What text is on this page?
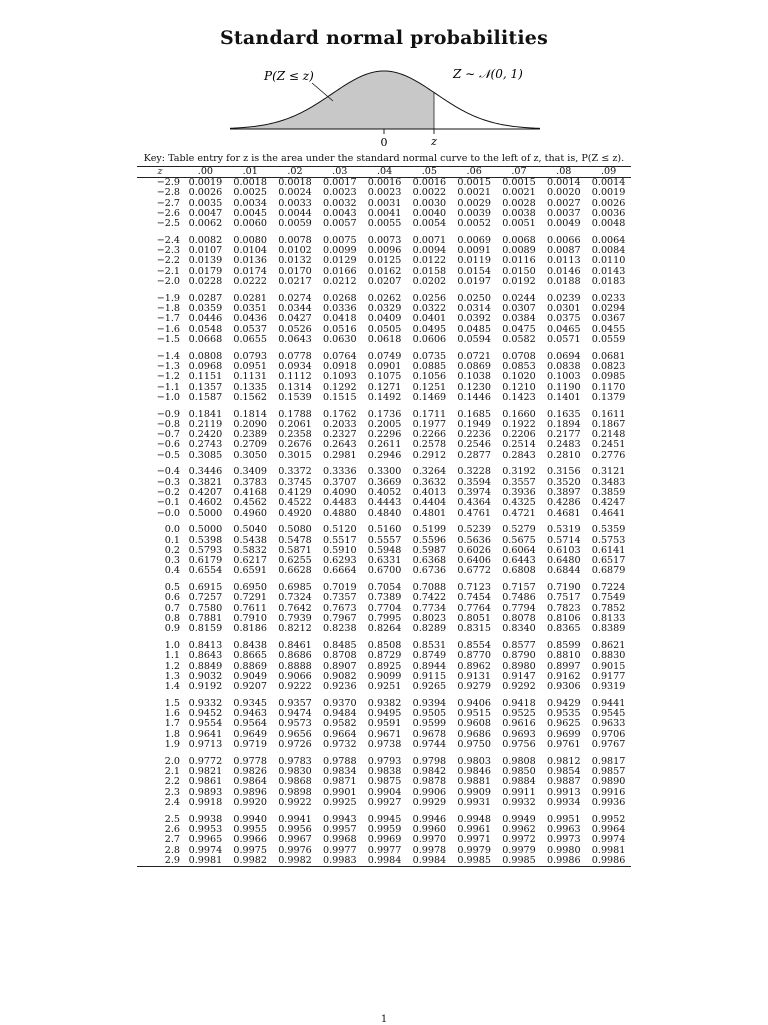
Standard normal probabilities
P(Z ≤ z)	Z ∼ 𝒩(0, 1)
0	z
Key: Table entry for z is the area under the standard normal curve to the left of z, that is, P(Z ≤ z).
z	.00	.01	.02	.03	.04	.05	.06	.07	.08	.09
−2.9	0.0019	0.0018	0.0018	0.0017	0.0016	0.0016	0.0015	0.0015	0.0014	0.0014
−2.8	0.0026	0.0025	0.0024	0.0023	0.0023	0.0022	0.0021	0.0021	0.0020	0.0019
−2.7	0.0035	0.0034	0.0033	0.0032	0.0031	0.0030	0.0029	0.0028	0.0027	0.0026
−2.6	0.0047	0.0045	0.0044	0.0043	0.0041	0.0040	0.0039	0.0038	0.0037	0.0036
−2.5	0.0062	0.0060	0.0059	0.0057	0.0055	0.0054	0.0052	0.0051	0.0049	0.0048

−2.4	0.0082	0.0080	0.0078	0.0075	0.0073	0.0071	0.0069	0.0068	0.0066	0.0064
−2.3	0.0107	0.0104	0.0102	0.0099	0.0096	0.0094	0.0091	0.0089	0.0087	0.0084
−2.2	0.0139	0.0136	0.0132	0.0129	0.0125	0.0122	0.0119	0.0116	0.0113	0.0110
−2.1	0.0179	0.0174	0.0170	0.0166	0.0162	0.0158	0.0154	0.0150	0.0146	0.0143
−2.0	0.0228	0.0222	0.0217	0.0212	0.0207	0.0202	0.0197	0.0192	0.0188	0.0183

−1.9	0.0287	0.0281	0.0274	0.0268	0.0262	0.0256	0.0250	0.0244	0.0239	0.0233
−1.8	0.0359	0.0351	0.0344	0.0336	0.0329	0.0322	0.0314	0.0307	0.0301	0.0294
−1.7	0.0446	0.0436	0.0427	0.0418	0.0409	0.0401	0.0392	0.0384	0.0375	0.0367
−1.6	0.0548	0.0537	0.0526	0.0516	0.0505	0.0495	0.0485	0.0475	0.0465	0.0455
−1.5	0.0668	0.0655	0.0643	0.0630	0.0618	0.0606	0.0594	0.0582	0.0571	0.0559

−1.4	0.0808	0.0793	0.0778	0.0764	0.0749	0.0735	0.0721	0.0708	0.0694	0.0681
−1.3	0.0968	0.0951	0.0934	0.0918	0.0901	0.0885	0.0869	0.0853	0.0838	0.0823
−1.2	0.1151	0.1131	0.1112	0.1093	0.1075	0.1056	0.1038	0.1020	0.1003	0.0985
−1.1	0.1357	0.1335	0.1314	0.1292	0.1271	0.1251	0.1230	0.1210	0.1190	0.1170
−1.0	0.1587	0.1562	0.1539	0.1515	0.1492	0.1469	0.1446	0.1423	0.1401	0.1379

−0.9	0.1841	0.1814	0.1788	0.1762	0.1736	0.1711	0.1685	0.1660	0.1635	0.1611
−0.8	0.2119	0.2090	0.2061	0.2033	0.2005	0.1977	0.1949	0.1922	0.1894	0.1867
−0.7	0.2420	0.2389	0.2358	0.2327	0.2296	0.2266	0.2236	0.2206	0.2177	0.2148
−0.6	0.2743	0.2709	0.2676	0.2643	0.2611	0.2578	0.2546	0.2514	0.2483	0.2451
−0.5	0.3085	0.3050	0.3015	0.2981	0.2946	0.2912	0.2877	0.2843	0.2810	0.2776

−0.4	0.3446	0.3409	0.3372	0.3336	0.3300	0.3264	0.3228	0.3192	0.3156	0.3121
−0.3	0.3821	0.3783	0.3745	0.3707	0.3669	0.3632	0.3594	0.3557	0.3520	0.3483
−0.2	0.4207	0.4168	0.4129	0.4090	0.4052	0.4013	0.3974	0.3936	0.3897	0.3859
−0.1	0.4602	0.4562	0.4522	0.4483	0.4443	0.4404	0.4364	0.4325	0.4286	0.4247
−0.0	0.5000	0.4960	0.4920	0.4880	0.4840	0.4801	0.4761	0.4721	0.4681	0.4641

0.0	0.5000	0.5040	0.5080	0.5120	0.5160	0.5199	0.5239	0.5279	0.5319	0.5359
0.1	0.5398	0.5438	0.5478	0.5517	0.5557	0.5596	0.5636	0.5675	0.5714	0.5753
0.2	0.5793	0.5832	0.5871	0.5910	0.5948	0.5987	0.6026	0.6064	0.6103	0.6141
0.3	0.6179	0.6217	0.6255	0.6293	0.6331	0.6368	0.6406	0.6443	0.6480	0.6517
0.4	0.6554	0.6591	0.6628	0.6664	0.6700	0.6736	0.6772	0.6808	0.6844	0.6879

0.5	0.6915	0.6950	0.6985	0.7019	0.7054	0.7088	0.7123	0.7157	0.7190	0.7224
0.6	0.7257	0.7291	0.7324	0.7357	0.7389	0.7422	0.7454	0.7486	0.7517	0.7549
0.7	0.7580	0.7611	0.7642	0.7673	0.7704	0.7734	0.7764	0.7794	0.7823	0.7852
0.8	0.7881	0.7910	0.7939	0.7967	0.7995	0.8023	0.8051	0.8078	0.8106	0.8133
0.9	0.8159	0.8186	0.8212	0.8238	0.8264	0.8289	0.8315	0.8340	0.8365	0.8389

1.0	0.8413	0.8438	0.8461	0.8485	0.8508	0.8531	0.8554	0.8577	0.8599	0.8621
1.1	0.8643	0.8665	0.8686	0.8708	0.8729	0.8749	0.8770	0.8790	0.8810	0.8830
1.2	0.8849	0.8869	0.8888	0.8907	0.8925	0.8944	0.8962	0.8980	0.8997	0.9015
1.3	0.9032	0.9049	0.9066	0.9082	0.9099	0.9115	0.9131	0.9147	0.9162	0.9177
1.4	0.9192	0.9207	0.9222	0.9236	0.9251	0.9265	0.9279	0.9292	0.9306	0.9319

1.5	0.9332	0.9345	0.9357	0.9370	0.9382	0.9394	0.9406	0.9418	0.9429	0.9441
1.6	0.9452	0.9463	0.9474	0.9484	0.9495	0.9505	0.9515	0.9525	0.9535	0.9545
1.7	0.9554	0.9564	0.9573	0.9582	0.9591	0.9599	0.9608	0.9616	0.9625	0.9633
1.8	0.9641	0.9649	0.9656	0.9664	0.9671	0.9678	0.9686	0.9693	0.9699	0.9706
1.9	0.9713	0.9719	0.9726	0.9732	0.9738	0.9744	0.9750	0.9756	0.9761	0.9767

2.0	0.9772	0.9778	0.9783	0.9788	0.9793	0.9798	0.9803	0.9808	0.9812	0.9817
2.1	0.9821	0.9826	0.9830	0.9834	0.9838	0.9842	0.9846	0.9850	0.9854	0.9857
2.2	0.9861	0.9864	0.9868	0.9871	0.9875	0.9878	0.9881	0.9884	0.9887	0.9890
2.3	0.9893	0.9896	0.9898	0.9901	0.9904	0.9906	0.9909	0.9911	0.9913	0.9916
2.4	0.9918	0.9920	0.9922	0.9925	0.9927	0.9929	0.9931	0.9932	0.9934	0.9936

2.5	0.9938	0.9940	0.9941	0.9943	0.9945	0.9946	0.9948	0.9949	0.9951	0.9952
2.6	0.9953	0.9955	0.9956	0.9957	0.9959	0.9960	0.9961	0.9962	0.9963	0.9964
2.7	0.9965	0.9966	0.9967	0.9968	0.9969	0.9970	0.9971	0.9972	0.9973	0.9974
2.8	0.9974	0.9975	0.9976	0.9977	0.9977	0.9978	0.9979	0.9979	0.9980	0.9981
2.9	0.9981	0.9982	0.9982	0.9983	0.9984	0.9984	0.9985	0.9985	0.9986	0.9986
1
